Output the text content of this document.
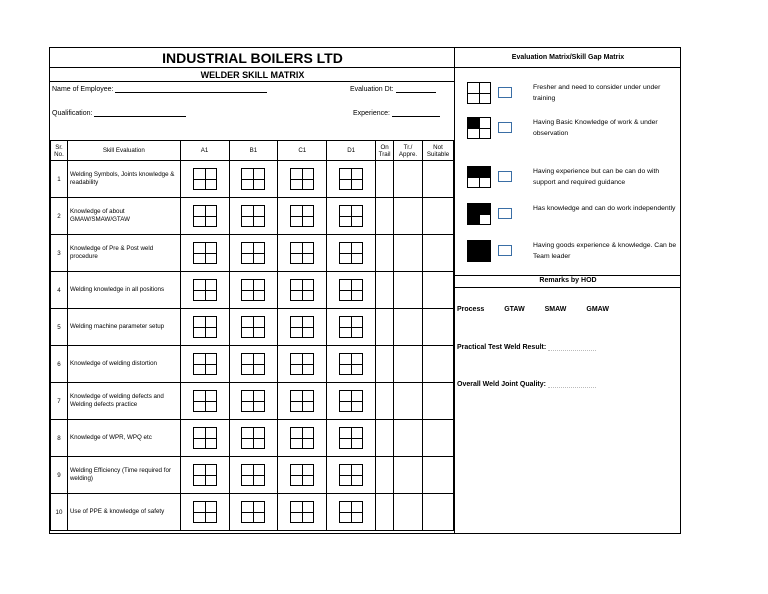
INDUSTRIAL BOILERS LTD
WELDER SKILL MATRIX
Name of Employee:	Evaluation Dt:
Qualification:	Experience:
Sr. No.	Skill Evaluation	A1	B1	C1	D1	On Trail	Tr./ Appre.	Not Suitable
1	Welding Symbols, Joints knowledge & readability							
2	Knowledge of about GMAW/SMAW/GTAW							
3	Knowledge of Pre & Post weld procedure							
4	Welding knowledge in all positions							
5	Welding machine parameter setup							
6	Knowledge of welding distortion							
7	Knowledge of welding defects and Welding defects practice							
8	Knowledge of WPR, WPQ etc							
9	Welding Efficiency (Time required for welding)							
10	Use of PPE & knowledge of safety							
Evaluation Matrix/Skill Gap Matrix
Fresher and need to consider under under training
Having Basic Knowledge of work & under observation
Having experience but can be can do with support and required guidance
Has knowledge and can do work independently
Having goods experience & knowledge. Can be Team leader
Remarks by HOD
Process	GTAW	SMAW	GMAW
Practical Test Weld Result:
Overall Weld Joint Quality:
